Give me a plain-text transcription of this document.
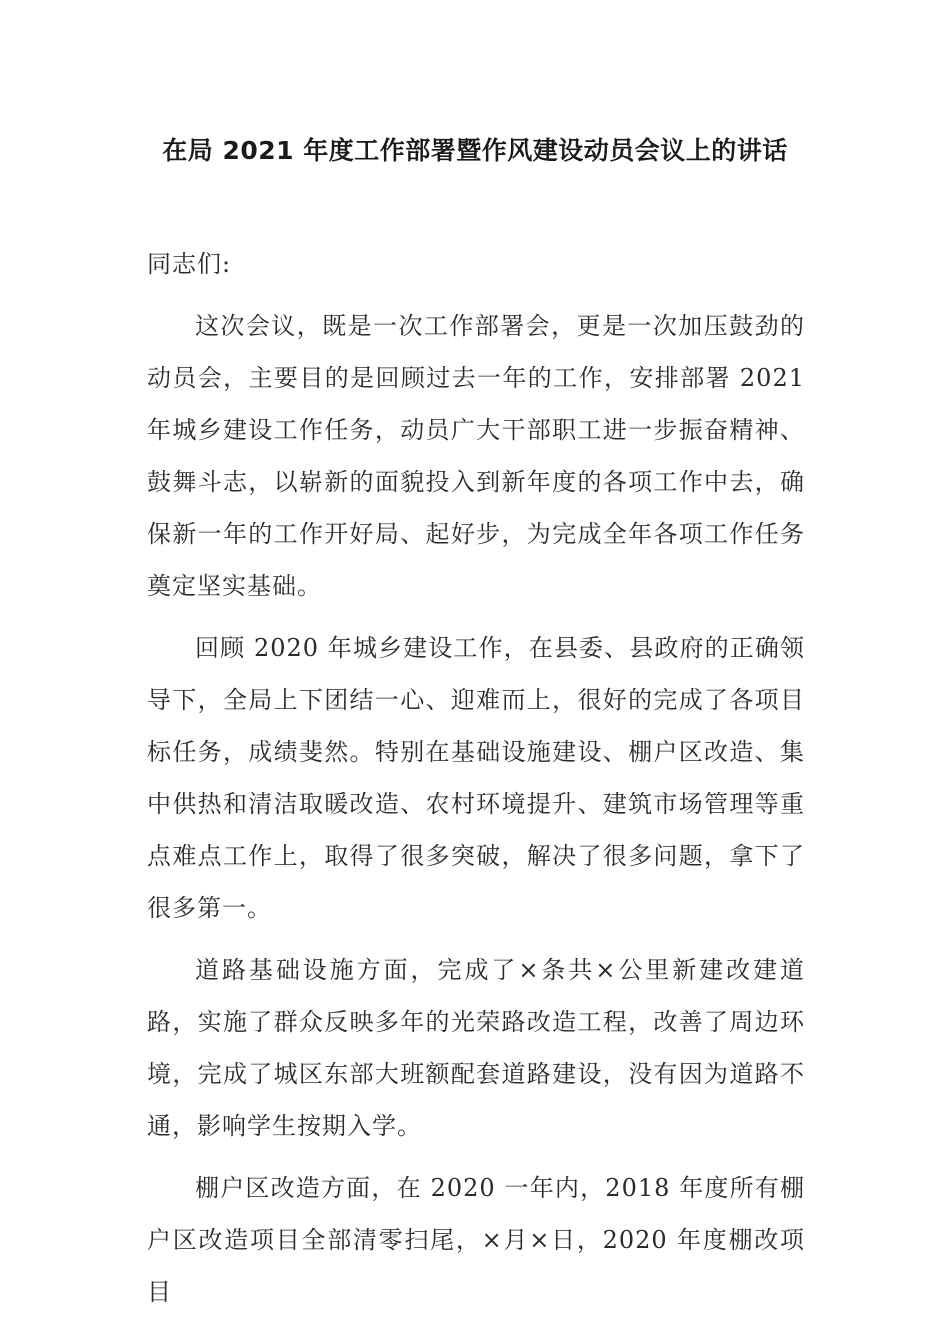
在局 2021 年度工作部署暨作风建设动员会议上的讲话

同志们:

这次会议，既是一次工作部署会，更是一次加压鼓劲的动员会，主要目的是回顾过去一年的工作，安排部署 2021 年城乡建设工作任务，动员广大干部职工进一步振奋精神、鼓舞斗志，以崭新的面貌投入到新年度的各项工作中去，确保新一年的工作开好局、起好步，为完成全年各项工作任务奠定坚实基础。

回顾 2020 年城乡建设工作，在县委、县政府的正确领导下，全局上下团结一心、迎难而上，很好的完成了各项目标任务，成绩斐然。特别在基础设施建设、棚户区改造、集中供热和清洁取暖改造、农村环境提升、建筑市场管理等重点难点工作上，取得了很多突破，解决了很多问题，拿下了很多第一。

道路基础设施方面，完成了×条共×公里新建改建道路，实施了群众反映多年的光荣路改造工程，改善了周边环境，完成了城区东部大班额配套道路建设，没有因为道路不通，影响学生按期入学。

棚户区改造方面，在 2020 一年内，2018 年度所有棚户区改造项目全部清零扫尾，×月×日，2020 年度棚改项目
